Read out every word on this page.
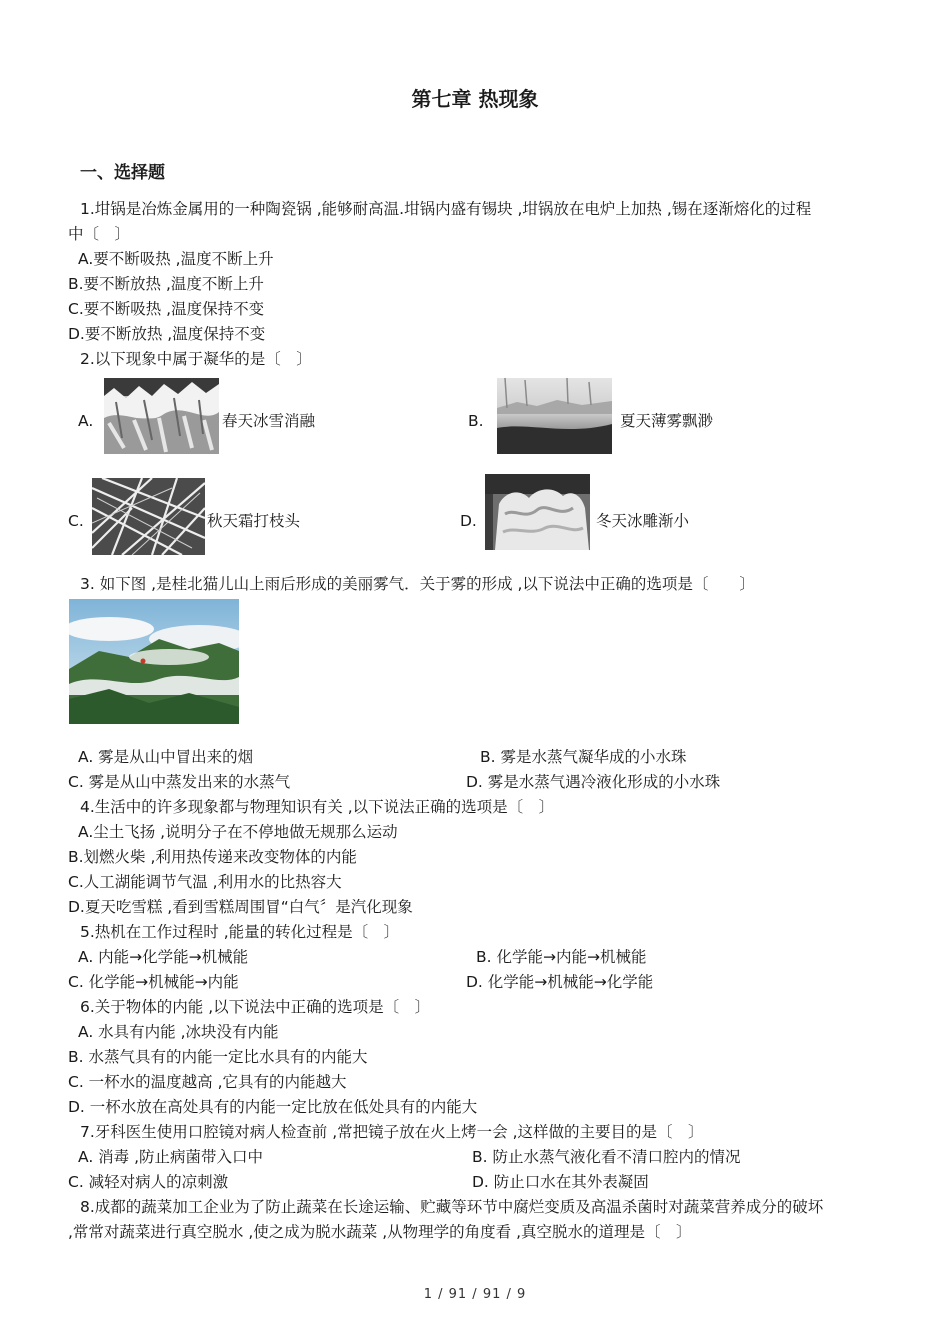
第七章 热现象
一、选择题
1.坩锅是冶炼金属用的一种陶瓷锅 ,能够耐高温.坩锅内盛有锡块 ,坩锅放在电炉上加热 ,锡在逐渐熔化的过程
中〔　〕
A.要不断吸热 ,温度不断上升
B.要不断放热 ,温度不断上升
C.要不断吸热 ,温度保持不变
D.要不断放热 ,温度保持不变
2.以下现象中属于凝华的是〔　〕
A.	春天冰雪消融	B.	夏天薄雾飘渺
C.	秋天霜打枝头	D.	冬天冰雕渐小
3. 如下图 ,是桂北猫儿山上雨后形成的美丽雾气．关于雾的形成 ,以下说法中正确的选项是〔　　〕
A. 雾是从山中冒出来的烟	B. 雾是水蒸气凝华成的小水珠
C. 雾是从山中蒸发出来的水蒸气	D. 雾是水蒸气遇冷液化形成的小水珠
4.生活中的许多现象都与物理知识有关 ,以下说法正确的选项是〔　〕
A.尘土飞扬 ,说明分子在不停地做无规那么运动
B.划燃火柴 ,利用热传递来改变物体的内能
C.人工湖能调节气温 ,利用水的比热容大
D.夏天吃雪糕 ,看到雪糕周围冒“白气〞是汽化现象
5.热机在工作过程时 ,能量的转化过程是〔　〕
A. 内能→化学能→机械能	B. 化学能→内能→机械能
C. 化学能→机械能→内能	D. 化学能→机械能→化学能
6.关于物体的内能 ,以下说法中正确的选项是〔　〕
A. 水具有内能 ,冰块没有内能
B. 水蒸气具有的内能一定比水具有的内能大
C. 一杯水的温度越高 ,它具有的内能越大
D. 一杯水放在高处具有的内能一定比放在低处具有的内能大
7.牙科医生使用口腔镜对病人检查前 ,常把镜子放在火上烤一会 ,这样做的主要目的是〔　〕
A. 消毒 ,防止病菌带入口中	B. 防止水蒸气液化看不清口腔内的情况
C. 减轻对病人的凉刺激	D. 防止口水在其外表凝固
8.成都的蔬菜加工企业为了防止蔬菜在长途运输、贮藏等环节中腐烂变质及高温杀菌时对蔬菜营养成分的破坏
,常常对蔬菜进行真空脱水 ,使之成为脱水蔬菜 ,从物理学的角度看 ,真空脱水的道理是〔　〕
1 / 91 / 91 / 9
